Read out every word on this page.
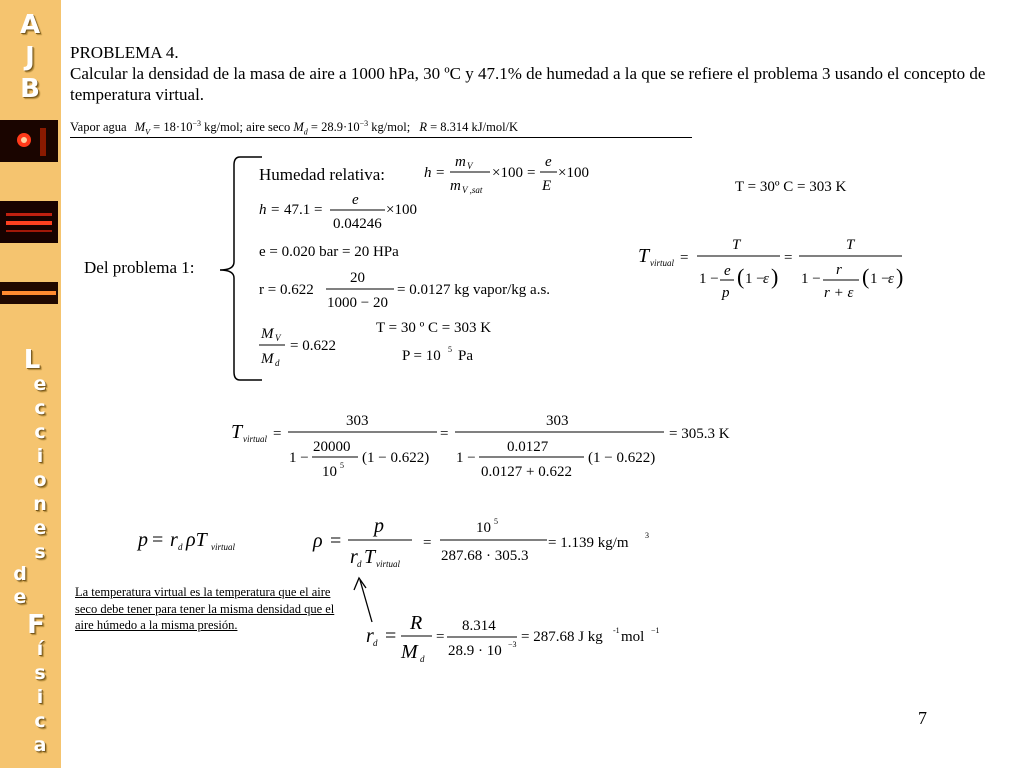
A
J
B
L
e
c
c
i
o
n
e
s
d
e
F
í
s
i
c
a
PROBLEMA 4.
Calcular la densidad de la masa de aire a 1000 hPa, 30 ºC y 47.1% de humedad a la que se refiere el problema 3 usando el concepto de temperatura virtual.
Vapor agua $M_V = 18\cdot 10^{-3}$ kg/mol; aire seco $M_d = 28.9\cdot 10^{-3}$ kg/mol; R = 8.314 kJ/mol/K
Humedad relativa:
Del problema 1:
h =
m V
m V ,sat
×100 =
e
E
×100
h = 47.1 =
e
0.04246
×100
e = 0.020 bar = 20 HPa
r = 0.622
20
1000 − 20
= 0.0127 kg vapor/kg a.s.
M V
M d
= 0.622
T = 30 º C = 303 K
P = 10 5 Pa
T = 30º C = 303 K
T virtual =
T
1 − e
p
( 1 −
ε )
=
T
1 −
r
r + ε
( 1 −
ε )
T virtual =
303
1 −
20000
10 5 (1 − 0.622)
=
303
1 −
0.0127
0.0127 + 0.622
(1 − 0.622)
= 305.3 K
p = r d ρT virtual	ρ =
p
r d T virtual
=
10 5
287.68 · 305.3
= 1.139 kg/m 3
r d =
R
M d
=
8.314
28.9 · 10 −3 = 287.68 J kg -1 mol −1
La temperatura virtual es la temperatura que el aire seco debe tener para tener la misma densidad que el aire húmedo a la misma presión.
7
